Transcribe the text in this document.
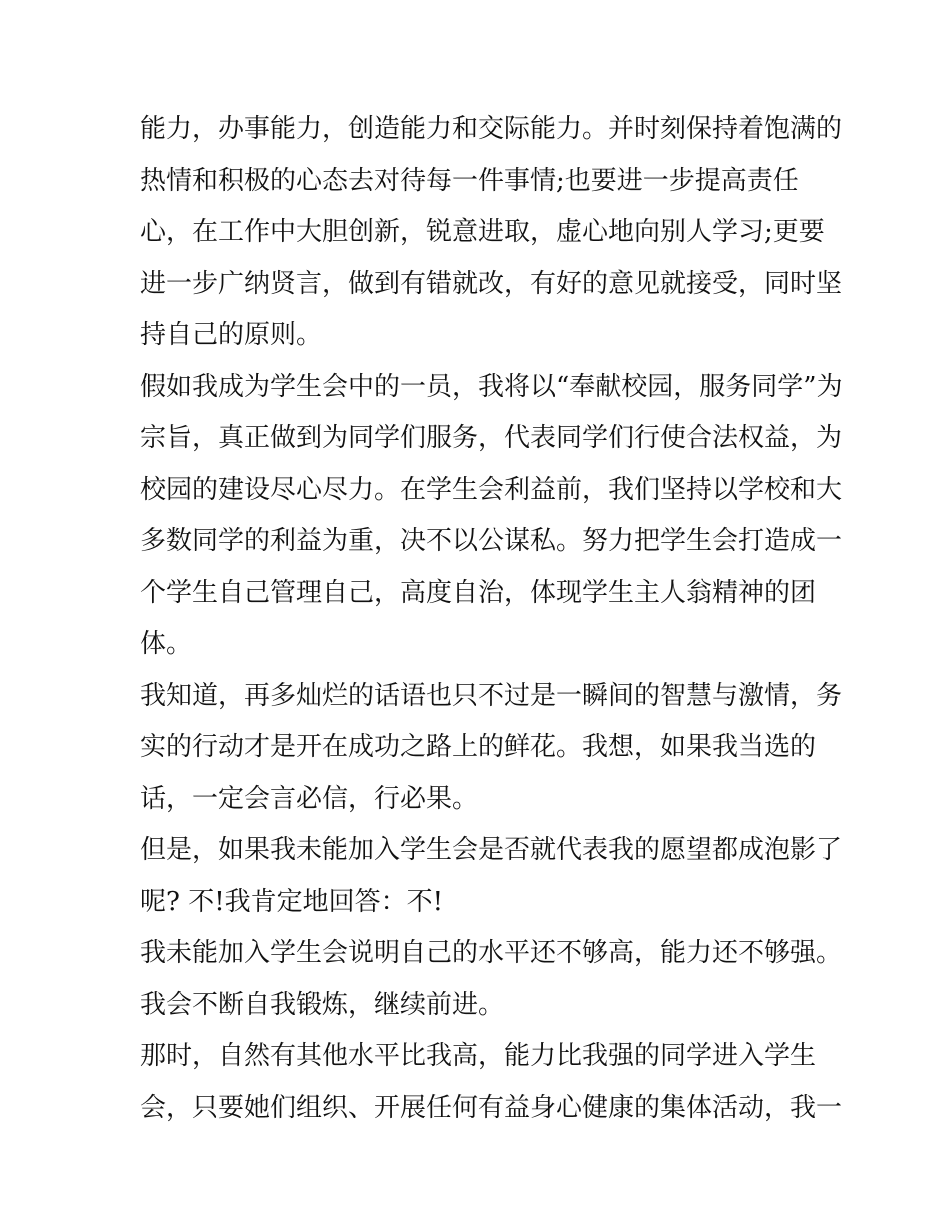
能力，办事能力，创造能力和交际能力。并时刻保持着饱满的
热情和积极的心态去对待每一件事情;也要进一步提高责任
心，在工作中大胆创新，锐意进取，虚心地向别人学习;更要
进一步广纳贤言，做到有错就改，有好的意见就接受，同时坚
持自己的原则。
假如我成为学生会中的一员，我将以“奉献校园，服务同学”为
宗旨，真正做到为同学们服务，代表同学们行使合法权益，为
校园的建设尽心尽力。在学生会利益前，我们坚持以学校和大
多数同学的利益为重，决不以公谋私。努力把学生会打造成一
个学生自己管理自己，高度自治，体现学生主人翁精神的团
体。
我知道，再多灿烂的话语也只不过是一瞬间的智慧与激情，务
实的行动才是开在成功之路上的鲜花。我想，如果我当选的
话，一定会言必信，行必果。
但是，如果我未能加入学生会是否就代表我的愿望都成泡影了
呢? 不!我肯定地回答：不!
我未能加入学生会说明自己的水平还不够高，能力还不够强。
我会不断自我锻炼，继续前进。
那时，自然有其他水平比我高，能力比我强的同学进入学生
会，只要她们组织、开展任何有益身心健康的集体活动，我一
